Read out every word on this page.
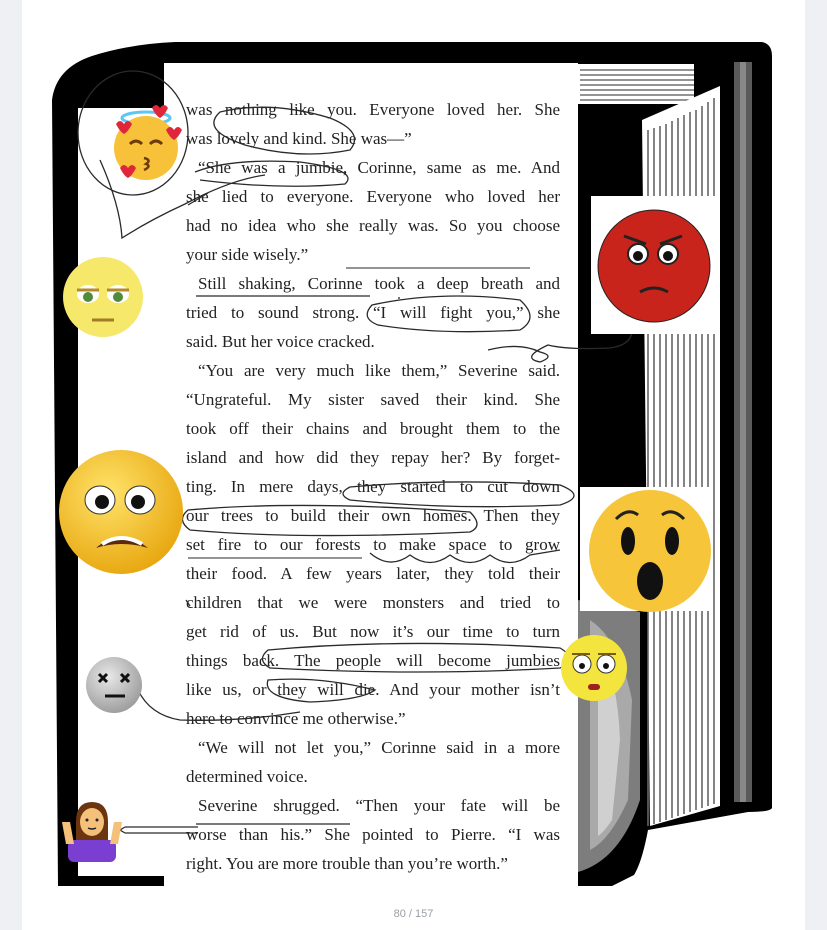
was nothing like you. Everyone loved her. She
was lovely and kind. She was—”
“She was a jumbie, Corinne, same as me. And
she lied to everyone. Everyone who loved her
had no idea who she really was. So you choose
your side wisely.”
Still shaking, Corinne took a deep breath and
tried to sound strong. “I will fight you,” she
said. But her voice cracked.
“You are very much like them,” Severine said.
“Ungrateful. My sister saved their kind. She
took off their chains and brought them to the
island and how did they repay her? By forget-
ting. In mere days, they started to cut down
our trees to build their own homes. Then they
set fire to our forests to make space to grow
their food. A few years later, they told their
children that we were monsters and tried to
get rid of us. But now it’s our time to turn
things back. The people will become jumbies
like us, or they will die. And your mother isn’t
here to convince me otherwise.”
“We will not let you,” Corinne said in a more
determined voice.
Severine shrugged. “Then your fate will be
worse than his.” She pointed to Pierre. “I was
right. You are more trouble than you’re worth.”
80 / 157
